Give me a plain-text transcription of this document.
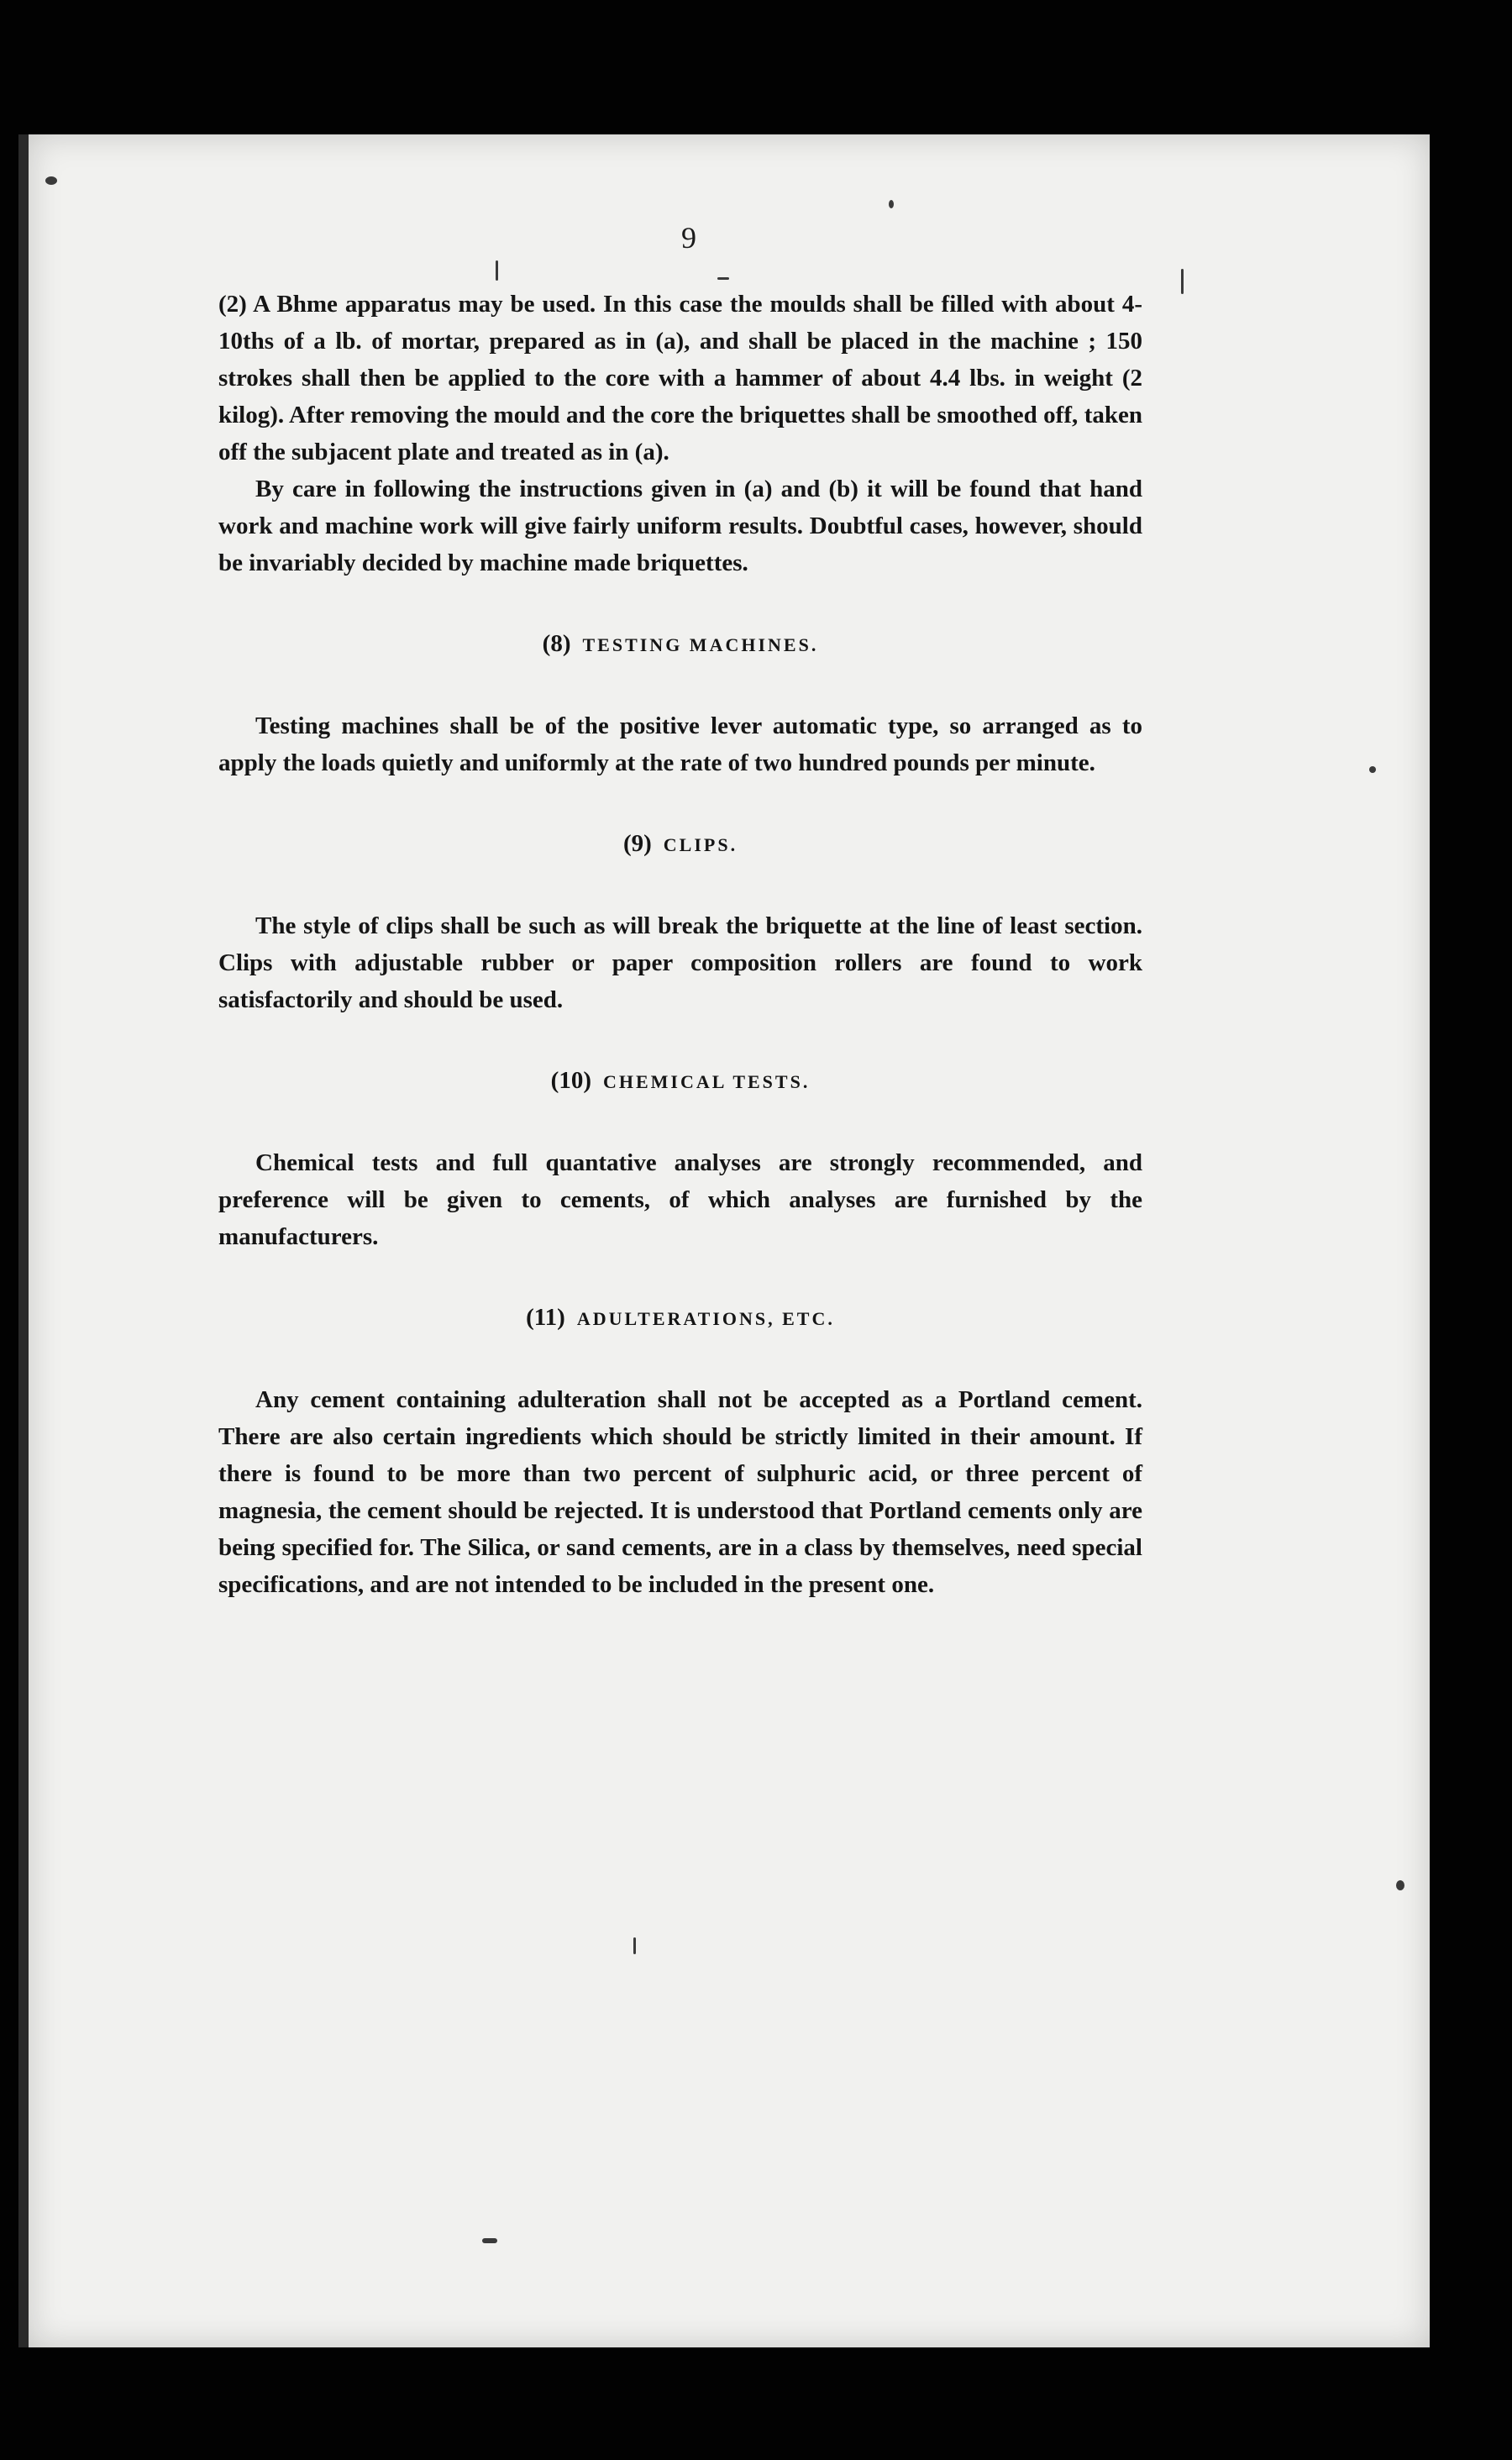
9

(2) A Bhme apparatus may be used. In this case the moulds shall be filled with about 4-10ths of a lb. of mortar, prepared as in (a), and shall be placed in the machine ; 150 strokes shall then be applied to the core with a hammer of about 4.4 lbs. in weight (2 kilog). After removing the mould and the core the briquettes shall be smoothed off, taken off the subjacent plate and treated as in (a).

By care in following the instructions given in (a) and (b) it will be found that hand work and machine work will give fairly uniform results. Doubtful cases, however, should be invariably decided by machine made briquettes.

(8) TESTING MACHINES.

Testing machines shall be of the positive lever automatic type, so arranged as to apply the loads quietly and uniformly at the rate of two hundred pounds per minute.

(9) CLIPS.

The style of clips shall be such as will break the briquette at the line of least section. Clips with adjustable rubber or paper composition rollers are found to work satisfactorily and should be used.

(10) CHEMICAL TESTS.

Chemical tests and full quantative analyses are strongly recommended, and preference will be given to cements, of which analyses are furnished by the manufacturers.

(11) ADULTERATIONS, ETC.

Any cement containing adulteration shall not be accepted as a Portland cement. There are also certain ingredients which should be strictly limited in their amount. If there is found to be more than two percent of sulphuric acid, or three percent of magnesia, the cement should be rejected. It is understood that Portland cements only are being specified for. The Silica, or sand cements, are in a class by themselves, need special specifications, and are not intended to be included in the present one.
